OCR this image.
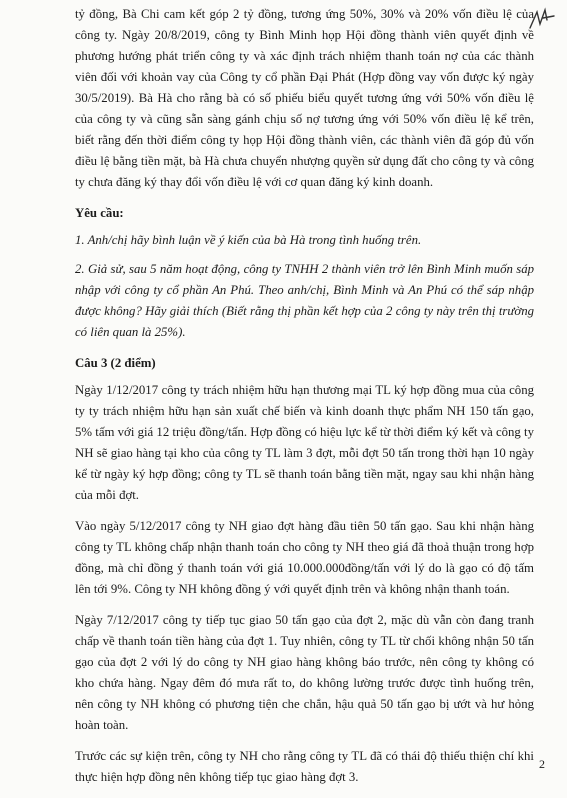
tỷ đồng, Bà Chi cam kết góp 2 tỷ đồng, tương ứng 50%, 30% và 20% vốn điều lệ của công ty. Ngày 20/8/2019, công ty Bình Minh họp Hội đồng thành viên quyết định về phương hướng phát triển công ty và xác định trách nhiệm thanh toán nợ của các thành viên đối với khoản vay của Công ty cổ phần Đại Phát (Hợp đồng vay vốn được ký ngày 30/5/2019). Bà Hà cho rằng bà có số phiếu biểu quyết tương ứng với 50% vốn điều lệ của công ty và cũng sẵn sàng gánh chịu số nợ tương ứng với 50% vốn điều lệ kể trên, biết rằng đến thời điểm công ty họp Hội đồng thành viên, các thành viên đã góp đủ vốn điều lệ bằng tiền mặt, bà Hà chưa chuyển nhượng quyền sử dụng đất cho công ty và công ty chưa đăng ký thay đổi vốn điều lệ với cơ quan đăng ký kinh doanh.

Yêu cầu:

1. Anh/chị hãy bình luận về ý kiến của bà Hà trong tình huống trên.

2. Giả sử, sau 5 năm hoạt động, công ty TNHH 2 thành viên trở lên Bình Minh muốn sáp nhập với công ty cổ phần An Phú. Theo anh/chị, Bình Minh và An Phú có thể sáp nhập được không? Hãy giải thích (Biết rằng thị phần kết hợp của 2 công ty này trên thị trường có liên quan là 25%).

Câu 3 (2 điểm)

Ngày 1/12/2017 công ty trách nhiệm hữu hạn thương mại TL ký hợp đồng mua của công ty ty trách nhiệm hữu hạn sản xuất chế biến và kinh doanh thực phẩm NH 150 tấn gạo, 5% tấm với giá 12 triệu đồng/tấn. Hợp đồng có hiệu lực kể từ thời điểm ký kết và công ty NH sẽ giao hàng tại kho của công ty TL làm 3 đợt, mỗi đợt 50 tấn trong thời hạn 10 ngày kể từ ngày ký hợp đồng; công ty TL sẽ thanh toán bằng tiền mặt, ngay sau khi nhận hàng của mỗi đợt.

Vào ngày 5/12/2017 công ty NH giao đợt hàng đầu tiên 50 tấn gạo. Sau khi nhận hàng công ty TL không chấp nhận thanh toán cho công ty NH theo giá đã thoả thuận trong hợp đồng, mà chỉ đồng ý thanh toán với giá 10.000.000đồng/tấn với lý do là gạo có độ tấm lên tới 9%. Công ty NH không đồng ý với quyết định trên và không nhận thanh toán.

Ngày 7/12/2017 công ty tiếp tục giao 50 tấn gạo của đợt 2, mặc dù vẫn còn đang tranh chấp về thanh toán tiền hàng của đợt 1. Tuy nhiên, công ty TL từ chối không nhận 50 tấn gạo của đợt 2 với lý do công ty NH giao hàng không báo trước, nên công ty không có kho chứa hàng. Ngay đêm đó mưa rất to, do không lường trước được tình huống trên, nên công ty NH không có phương tiện che chắn, hậu quả 50 tấn gạo bị ướt và hư hỏng hoàn toàn.

Trước các sự kiện trên, công ty NH cho rằng công ty TL đã có thái độ thiếu thiện chí khi thực hiện hợp đồng nên không tiếp tục giao hàng đợt 3.

2
